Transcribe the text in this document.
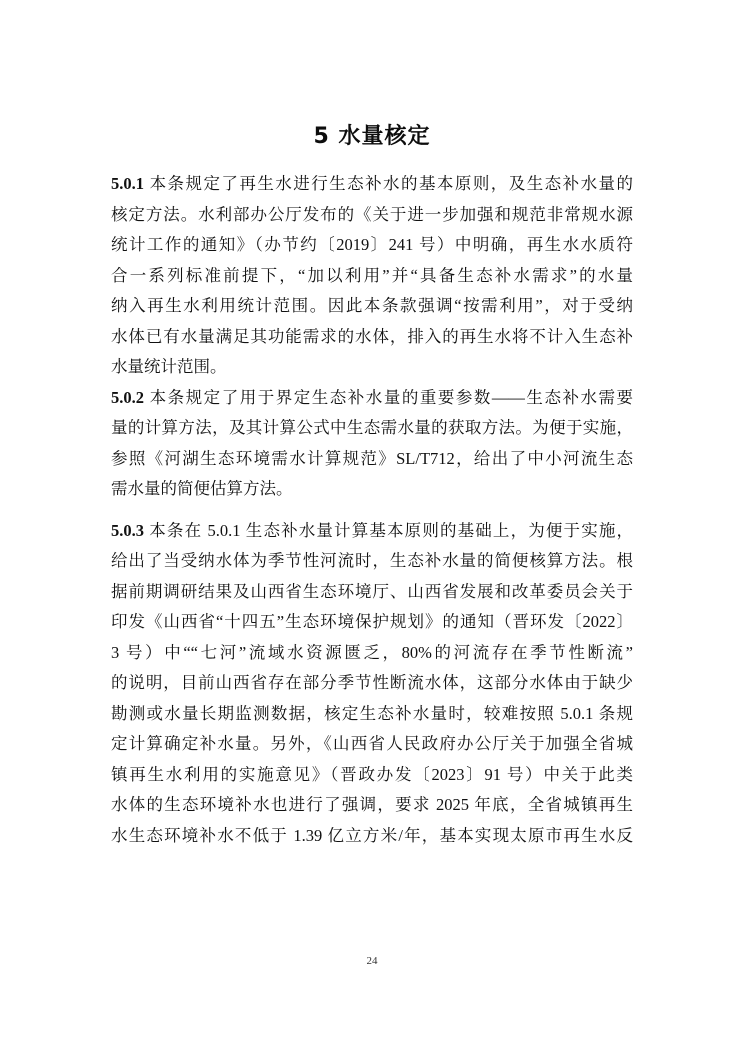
5 水量核定
5.0.1 本条规定了再生水进行生态补水的基本原则，及生态补水量的
核定方法。水利部办公厅发布的《关于进一步加强和规范非常规水源
统计工作的通知》（办节约〔2019〕241 号）中明确，再生水水质符
合一系列标准前提下，“加以利用”并“具备生态补水需求”的水量
纳入再生水利用统计范围。因此本条款强调“按需利用”，对于受纳
水体已有水量满足其功能需求的水体，排入的再生水将不计入生态补
水量统计范围。
5.0.2 本条规定了用于界定生态补水量的重要参数——生态补水需要
量的计算方法，及其计算公式中生态需水量的获取方法。为便于实施，
参照《河湖生态环境需水计算规范》SL/T712，给出了中小河流生态
需水量的简便估算方法。
5.0.3 本条在 5.0.1 生态补水量计算基本原则的基础上，为便于实施，
给出了当受纳水体为季节性河流时，生态补水量的简便核算方法。根
据前期调研结果及山西省生态环境厅、山西省发展和改革委员会关于
印发《山西省“十四五”生态环境保护规划》的通知（晋环发〔2022〕
3 号）中““七河”流域水资源匮乏，80%的河流存在季节性断流”
的说明，目前山西省存在部分季节性断流水体，这部分水体由于缺少
勘测或水量长期监测数据，核定生态补水量时，较难按照 5.0.1 条规
定计算确定补水量。另外，《山西省人民政府办公厅关于加强全省城
镇再生水利用的实施意见》（晋政办发〔2023〕91 号）中关于此类
水体的生态环境补水也进行了强调，要求 2025 年底，全省城镇再生
水生态环境补水不低于 1.39 亿立方米/年，基本实现太原市再生水反
24
